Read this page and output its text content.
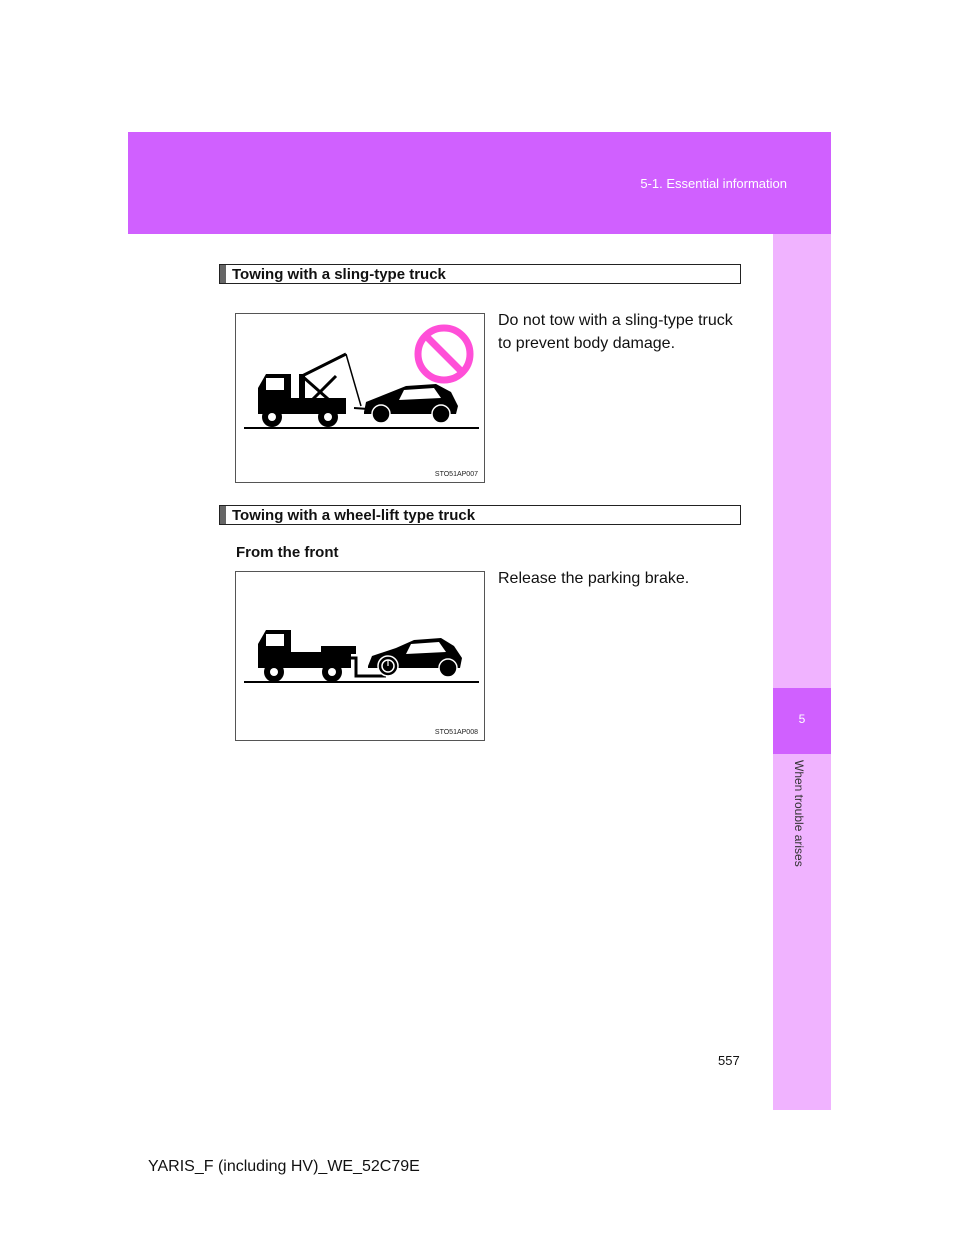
5-1. Essential information
5
When trouble arises
Towing with a sling-type truck
STO51AP007
Do not tow with a sling-type truck
to prevent body damage.
Towing with a wheel-lift type truck
From the front
STO51AP008
Release the parking brake.
557
YARIS_F (including HV)_WE_52C79E
